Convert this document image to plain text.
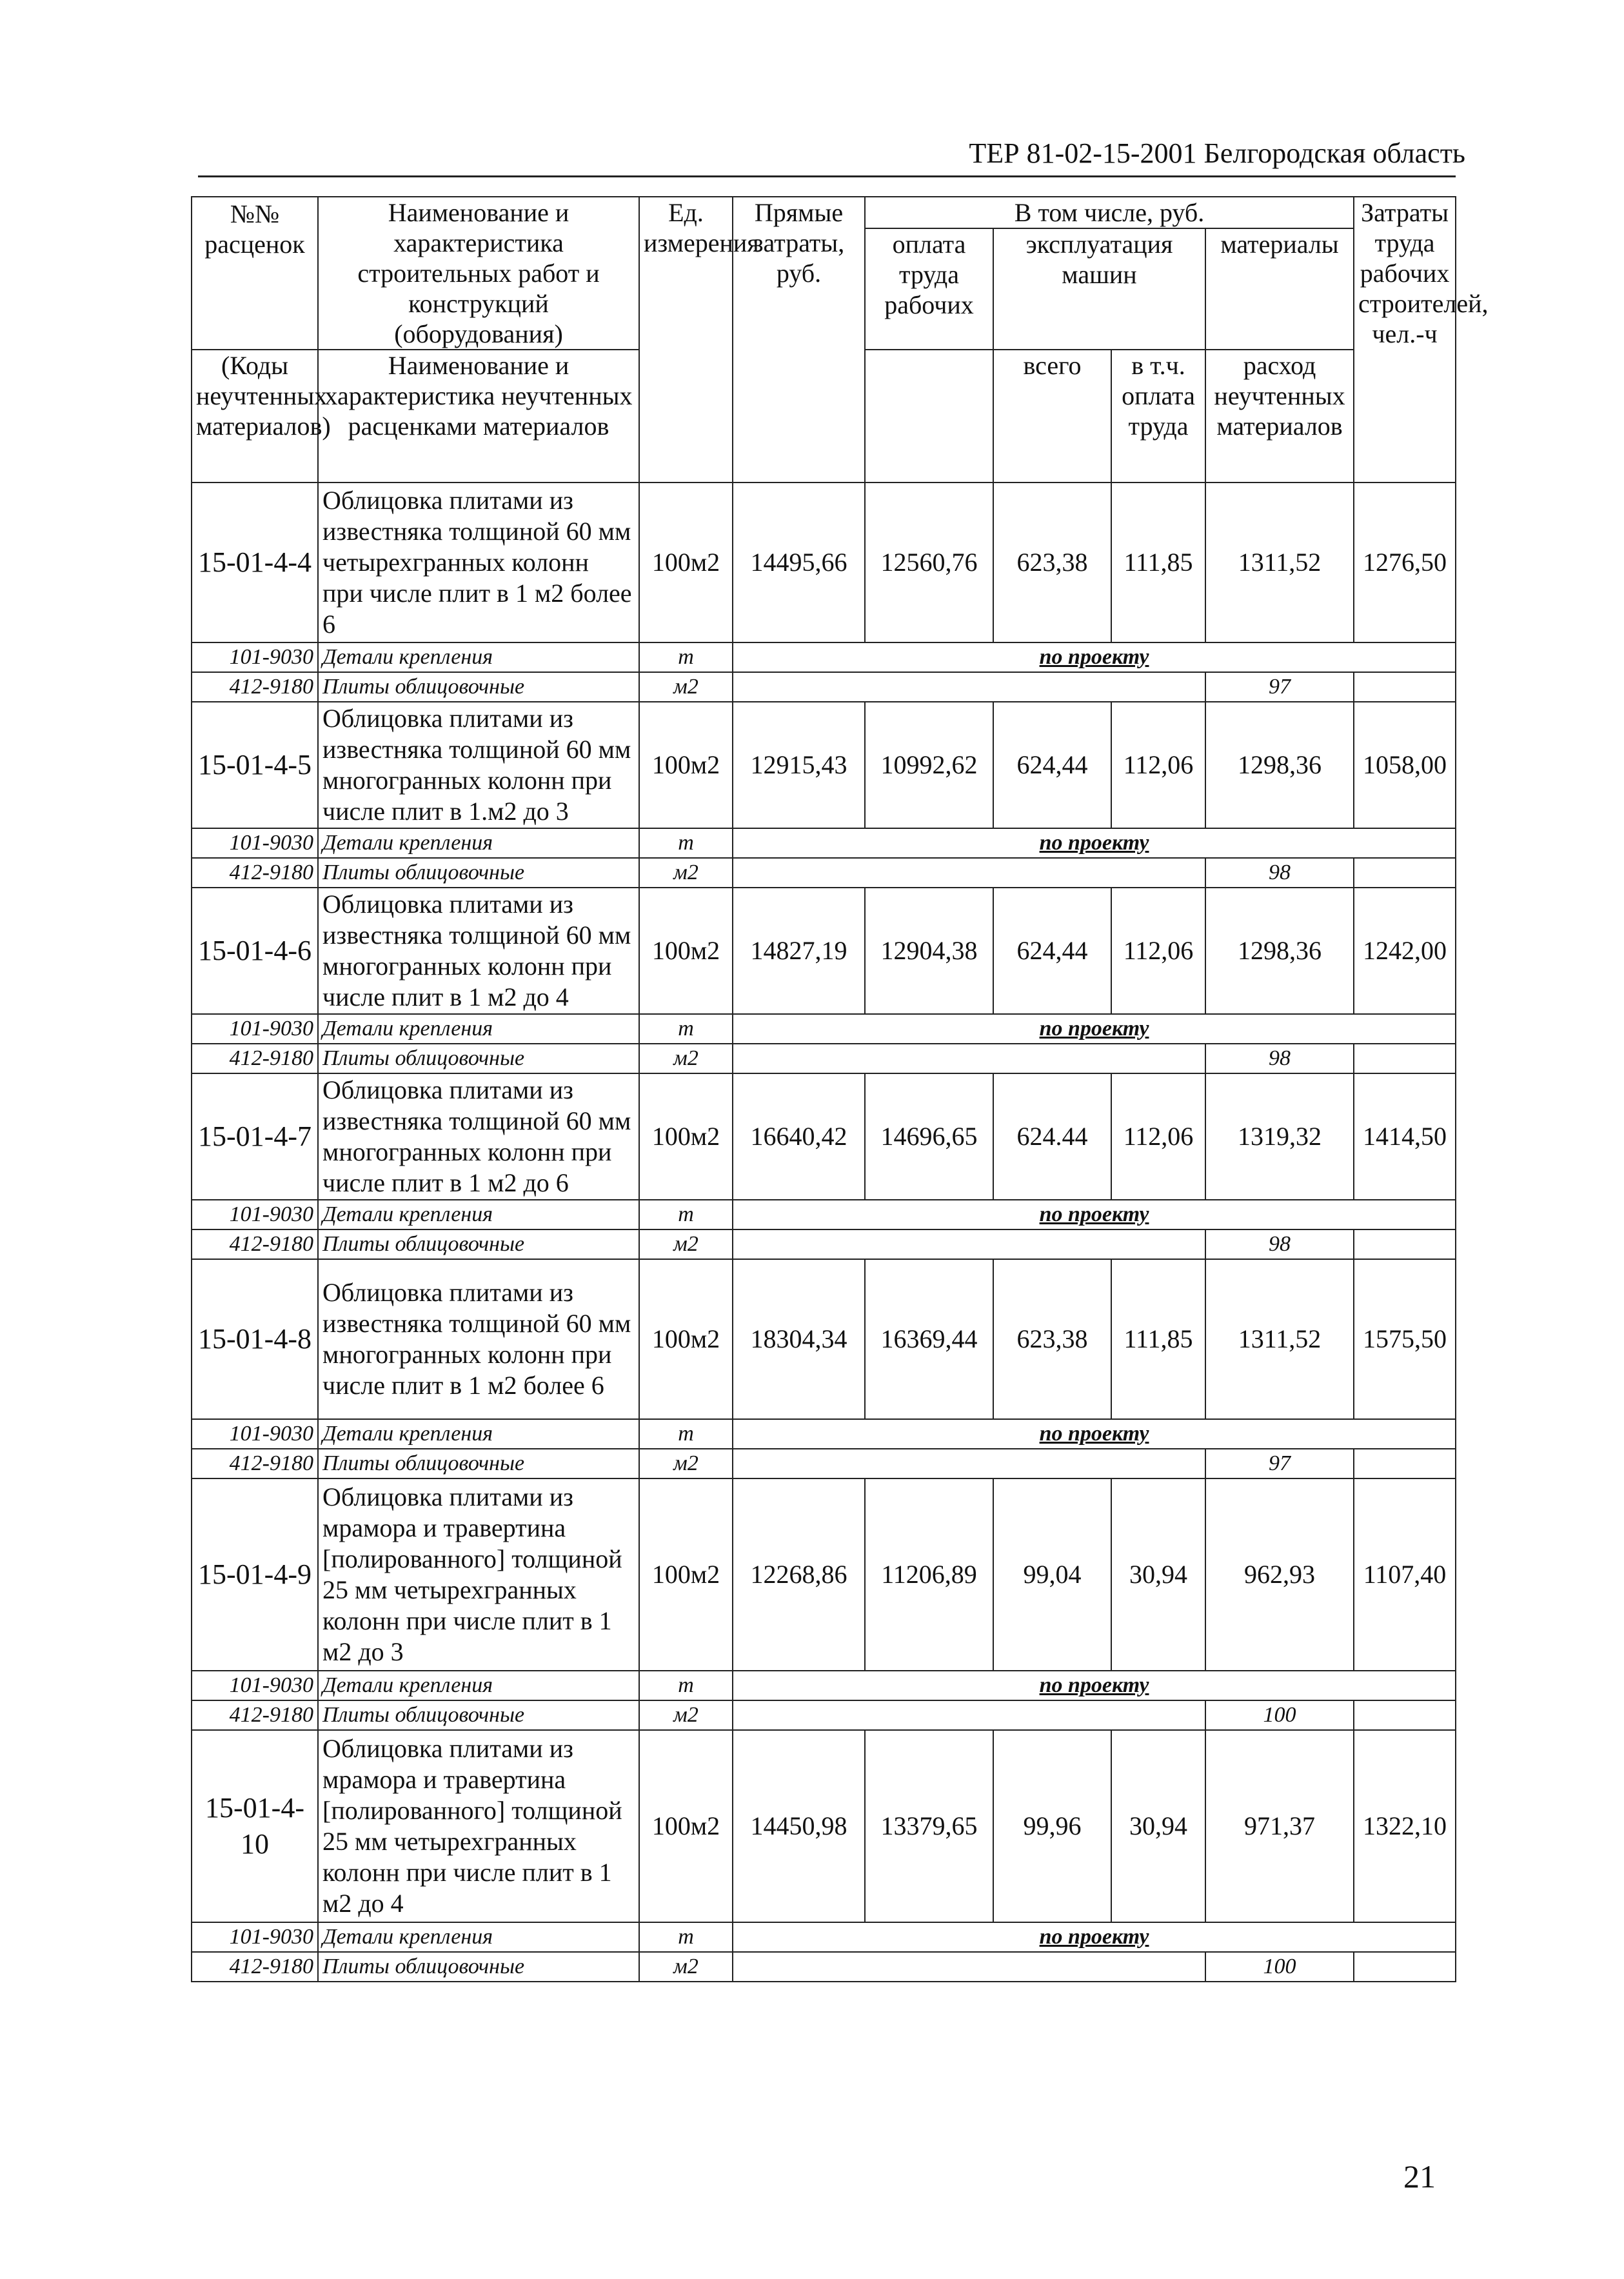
ТЕР 81-02-15-2001 Белгородская область
№№ расценок	Наименование и характеристика строительных работ и конструкций (оборудования)	Ед. измерения	Прямые затраты, руб.	В том числе, руб.				Затраты труда рабочих строителей, чел.-ч
				оплата труда рабочих	эксплуатация машин		материалы	

(Коды неучтенных материалов)	Наименование и характеристика неучтенных расценками материалов				всего	в т.ч. оплата труда	расход неучтенных материалов	

15-01-4-4	Облицовка плитами из известняка толщиной 60 мм четырехгранных колонн при числе плит в 1 м2 более 6	100м2	14495,66	12560,76	623,38	111,85	1311,52	1276,50
101-9030	Детали крепления	т	по проекту					
412-9180	Плиты облицовочные	м2					97	
15-01-4-5	Облицовка плитами из известняка толщиной 60 мм многогранных колонн при числе плит в 1.м2 до 3	100м2	12915,43	10992,62	624,44	112,06	1298,36	1058,00
101-9030	Детали крепления	т	по проекту					
412-9180	Плиты облицовочные	м2					98	
15-01-4-6	Облицовка плитами из известняка толщиной 60 мм многогранных колонн при числе плит в 1 м2 до 4	100м2	14827,19	12904,38	624,44	112,06	1298,36	1242,00
101-9030	Детали крепления	т	по проекту					
412-9180	Плиты облицовочные	м2					98	
15-01-4-7	Облицовка плитами из известняка толщиной 60 мм многогранных колонн при числе плит в 1 м2 до 6	100м2	16640,42	14696,65	624.44	112,06	1319,32	1414,50
101-9030	Детали крепления	т	по проекту					
412-9180	Плиты облицовочные	м2					98	
15-01-4-8	Облицовка плитами из известняка толщиной 60 мм многогранных колонн при числе плит в 1 м2 более 6	100м2	18304,34	16369,44	623,38	111,85	1311,52	1575,50
101-9030	Детали крепления	т	по проекту					
412-9180	Плиты облицовочные	м2					97	
15-01-4-9	Облицовка плитами из мрамора и травертина [полированного] толщиной 25 мм четырехгранных колонн при числе плит в 1 м2 до 3	100м2	12268,86	11206,89	99,04	30,94	962,93	1107,40
101-9030	Детали крепления	т	по проекту					
412-9180	Плиты облицовочные	м2					100	
15-01-4-10	Облицовка плитами из мрамора и травертина [полированного] толщиной 25 мм четырехгранных колонн при числе плит в 1 м2 до 4	100м2	14450,98	13379,65	99,96	30,94	971,37	1322,10
101-9030	Детали крепления	т	по проекту					
412-9180	Плиты облицовочные	м2					100	
21
